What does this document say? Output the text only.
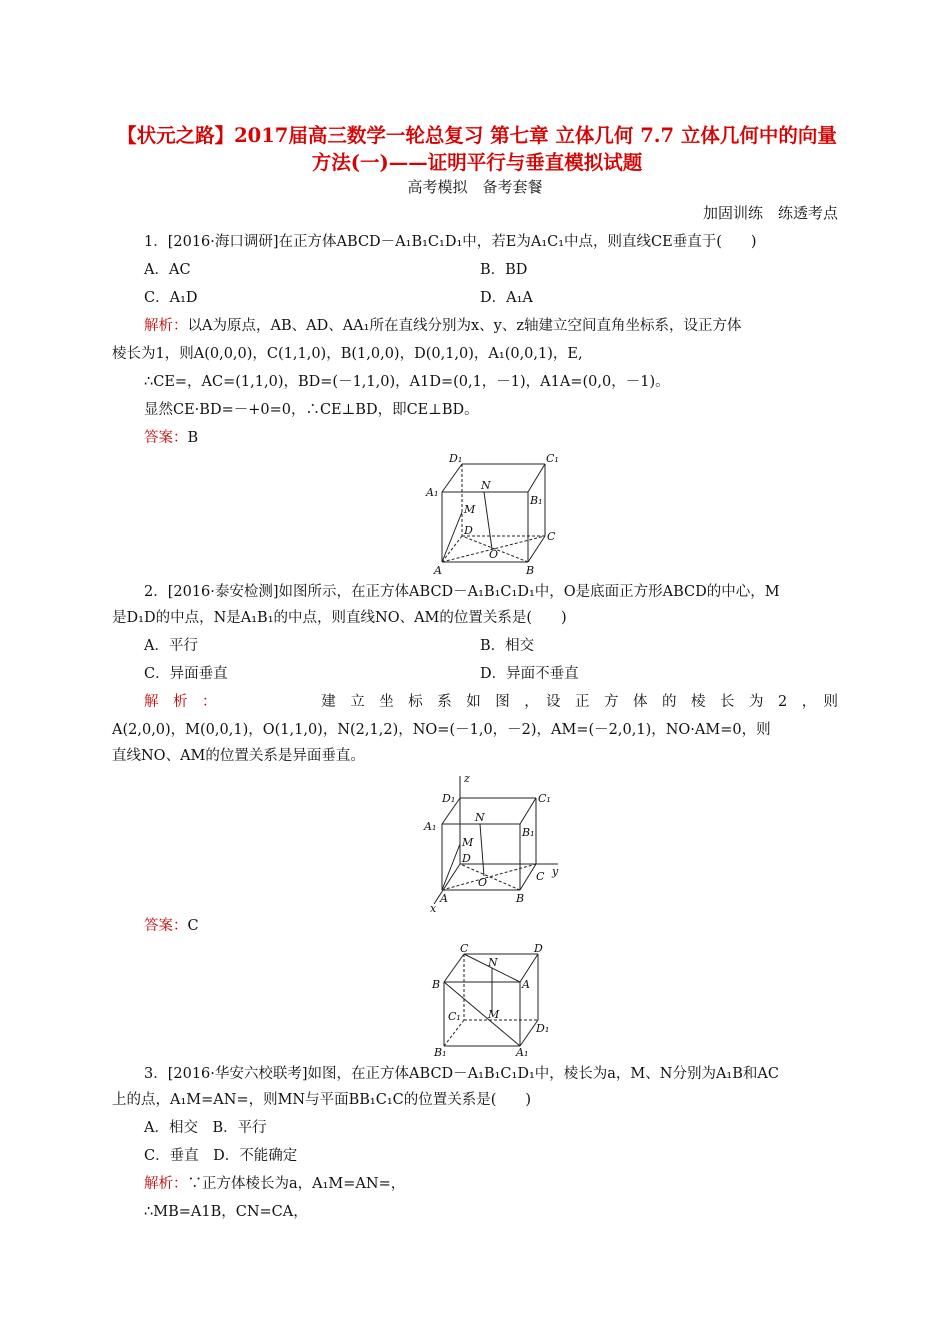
【状元之路】2017届高三数学一轮总复习 第七章 立体几何 7.7 立体几何中的向量方法(一)——证明平行与垂直模拟试题
高考模拟　备考套餐
加固训练　练透考点
1．[2016·海口调研]在正方体ABCD－A₁B₁C₁D₁中，若E为A₁C₁中点，则直线CE垂直于(　　)
A．AC	B．BD
C．A₁D	D．A₁A
解析：以A为原点，AB、AD、AA₁所在直线分别为x、y、z轴建立空间直角坐标系，设正方体
棱长为1，则A(0,0,0)，C(1,1,0)，B(1,0,0)，D(0,1,0)，A₁(0,0,1)，E,
∴CE=，AC=(1,1,0)，BD=(－1,1,0)，A1D=(0,1，－1)，A1A=(0,0，－1)。
显然CE·BD=－+0=0，∴CE⊥BD，即CE⊥BD。
答案：B
D₁	C₁
A₁
N
B₁
M
D	C
O
A	B
2．[2016·泰安检测]如图所示，在正方体ABCD－A₁B₁C₁D₁中，O是底面正方形ABCD的中心，M
是D₁D的中点，N是A₁B₁的中点，则直线NO、AM的位置关系是(　　)
A．平行	B．相交
C．异面垂直	D．异面不垂直
解　析　：	建　立　坐　标　系　如　图　，　设　正　方　体　的　棱　长　为　2　，　则
A(2,0,0)，M(0,0,1)，O(1,1,0)，N(2,1,2)，NO=(－1,0，－2)，AM=(－2,0,1)，NO·AM=0，则
直线NO、AM的位置关系是异面垂直。
z
D₁	C₁
A₁
N
B₁
M
D
C y
O
A	B
x
答案：C
C
N
D
B	A
C₁ M
D₁
B₁	A₁
3．[2016·华安六校联考]如图，在正方体ABCD－A₁B₁C₁D₁中，棱长为a，M、N分别为A₁B和AC
上的点，A₁M=AN=，则MN与平面BB₁C₁C的位置关系是(　　)
A．相交　B．平行
C．垂直　D．不能确定
解析：∵正方体棱长为a，A₁M=AN=，
∴MB=A1B，CN=CA，
